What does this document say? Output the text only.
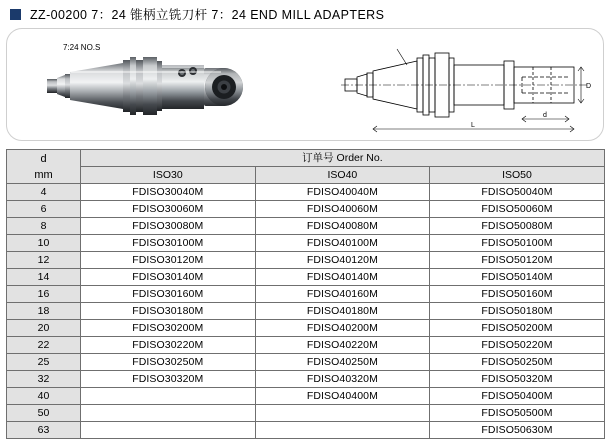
ZZ-00200 7：24 锥柄立铣刀杆 7：24 END MILL ADAPTERS
7:24 NO.S
D
d
L
d
mm	订单号 Order No.		
	ISO30	ISO40	ISO50
4	FDISO30040M	FDISO40040M	FDISO50040M
6	FDISO30060M	FDISO40060M	FDISO50060M
8	FDISO30080M	FDISO40080M	FDISO50080M
10	FDISO30100M	FDISO40100M	FDISO50100M
12	FDISO30120M	FDISO40120M	FDISO50120M
14	FDISO30140M	FDISO40140M	FDISO50140M
16	FDISO30160M	FDISO40160M	FDISO50160M
18	FDISO30180M	FDISO40180M	FDISO50180M
20	FDISO30200M	FDISO40200M	FDISO50200M
22	FDISO30220M	FDISO40220M	FDISO50220M
25	FDISO30250M	FDISO40250M	FDISO50250M
32	FDISO30320M	FDISO40320M	FDISO50320M
40		FDISO40400M	FDISO50400M
50			FDISO50500M
63			FDISO50630M
